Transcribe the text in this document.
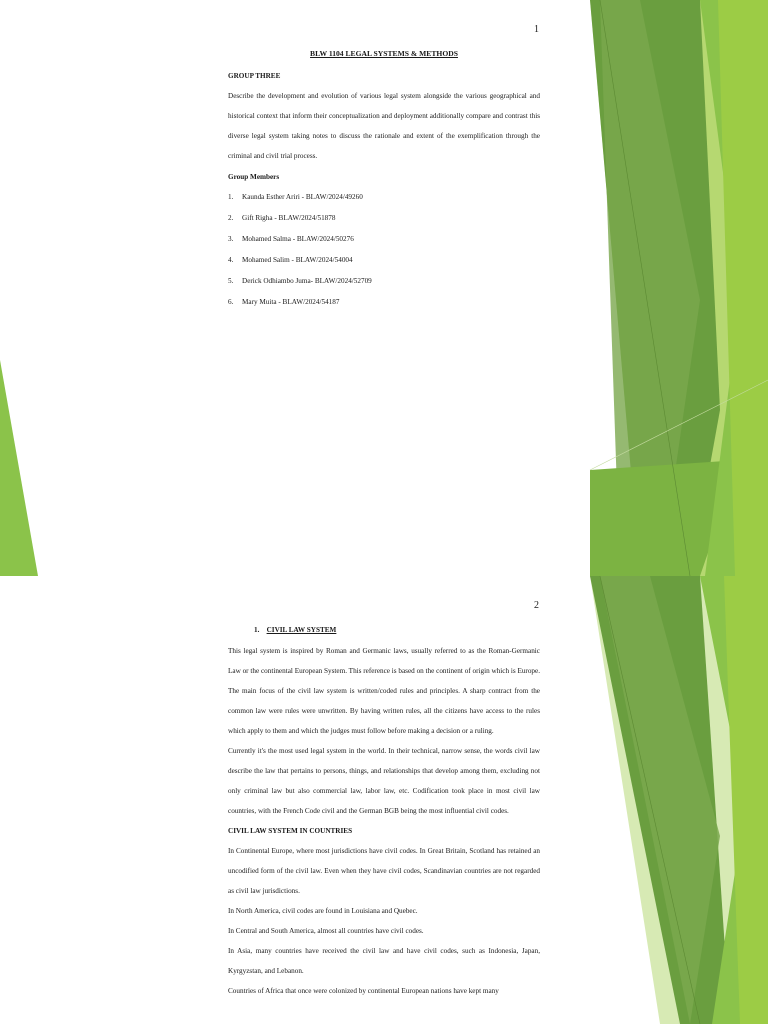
1

BLW 1104 LEGAL SYSTEMS & METHODS

GROUP THREE

Describe the development and evolution of various legal system alongside the various geographical and historical context that inform their conceptualization and deployment additionally compare and contrast this diverse legal system taking notes to discuss the rationale and extent of the exemplification through the criminal and civil trial process.

Group Members

1. Kaunda Esther Ariri - BLAW/2024/49260
2. Gift Righa - BLAW/2024/51878
3. Mohamed Salma - BLAW/2024/50276
4. Mohamed Salim - BLAW/2024/54004
5. Derick Odhiambo Juma- BLAW/2024/52709
6. Mary Muita - BLAW/2024/54187
2

1. CIVIL LAW SYSTEM

This legal system is inspired by Roman and Germanic laws, usually referred to as the Roman-Germanic Law or the continental European System. This reference is based on the continent of origin which is Europe. The main focus of the civil law system is written/coded rules and principles. A sharp contract from the common law were rules were unwritten. By having written rules, all the citizens have access to the rules which apply to them and which the judges must follow before making a decision or a ruling.

Currently it's the most used legal system in the world. In their technical, narrow sense, the words civil law describe the law that pertains to persons, things, and relationships that develop among them, excluding not only criminal law but also commercial law, labor law, etc. Codification took place in most civil law countries, with the French Code civil and the German BGB being the most influential civil codes.

CIVIL LAW SYSTEM IN COUNTRIES

In Continental Europe, where most jurisdictions have civil codes. In Great Britain, Scotland has retained an uncodified form of the civil law. Even when they have civil codes, Scandinavian countries are not regarded as civil law jurisdictions.

In North America, civil codes are found in Louisiana and Quebec.

In Central and South America, almost all countries have civil codes.

In Asia, many countries have received the civil law and have civil codes, such as Indonesia, Japan, Kyrgyzstan, and Lebanon.

Countries of Africa that once were colonized by continental European nations have kept many
